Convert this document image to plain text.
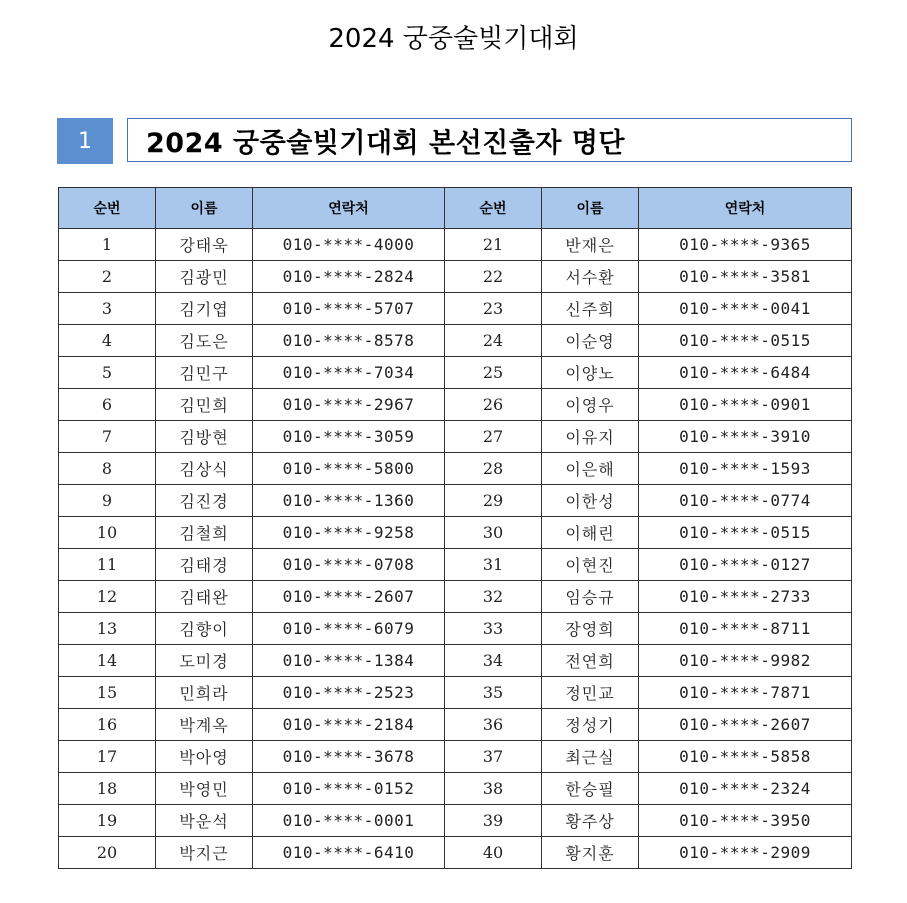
2024 궁중술빚기대회
1	2024 궁중술빚기대회 본선진출자 명단
순번	이름	연락처	순번	이름	연락처
1	강태욱	010-****-4000	21	반재은	010-****-9365
2	김광민	010-****-2824	22	서수환	010-****-3581
3	김기엽	010-****-5707	23	신주희	010-****-0041
4	김도은	010-****-8578	24	이순영	010-****-0515
5	김민구	010-****-7034	25	이양노	010-****-6484
6	김민희	010-****-2967	26	이영우	010-****-0901
7	김방현	010-****-3059	27	이유지	010-****-3910
8	김상식	010-****-5800	28	이은해	010-****-1593
9	김진경	010-****-1360	29	이한성	010-****-0774
10	김철희	010-****-9258	30	이해린	010-****-0515
11	김태경	010-****-0708	31	이현진	010-****-0127
12	김태완	010-****-2607	32	임승규	010-****-2733
13	김향이	010-****-6079	33	장영희	010-****-8711
14	도미경	010-****-1384	34	전연희	010-****-9982
15	민희라	010-****-2523	35	정민교	010-****-7871
16	박계옥	010-****-2184	36	정성기	010-****-2607
17	박아영	010-****-3678	37	최근실	010-****-5858
18	박영민	010-****-0152	38	한승필	010-****-2324
19	박운석	010-****-0001	39	황주상	010-****-3950
20	박지근	010-****-6410	40	황지훈	010-****-2909
